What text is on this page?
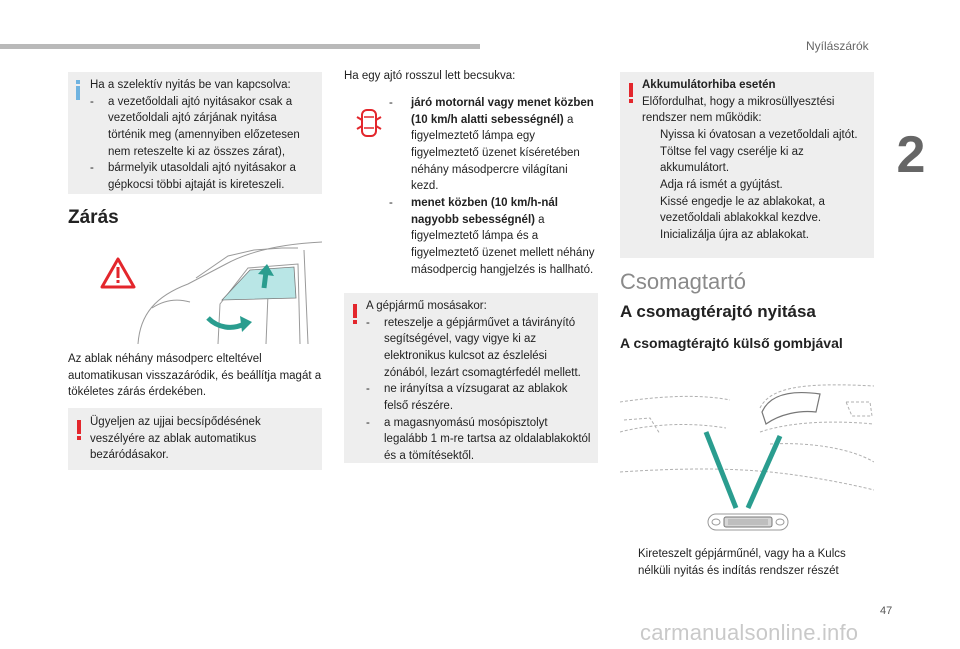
Nyílászárók
2
Ha a szelektív nyitás be van kapcsolva:
- a vezetőoldali ajtó nyitásakor csak a vezetőoldali ajtó zárjának nyitása történik meg (amennyiben előzetesen nem reteszelte ki az összes zárat),
- bármelyik utasoldali ajtó nyitásakor a gépkocsi többi ajtaját is kireteszeli.
Zárás
Az ablak néhány másodperc elteltével automatikusan visszazáródik, és beállítja magát a tökéletes zárás érdekében.
Ügyeljen az ujjai becsípődésének veszélyére az ablak automatikus bezáródásakor.
Ha egy ajtó rosszul lett becsukva:
- járó motornál vagy menet közben (10 km/h alatti sebességnél) a figyelmeztető lámpa egy figyelmeztető üzenet kíséretében néhány másodpercre világítani kezd.
- menet közben (10 km/h-nál nagyobb sebességnél) a figyelmeztető lámpa és a figyelmeztető üzenet mellett néhány másodpercig hangjelzés is hallható.
A gépjármű mosásakor:
- reteszelje a gépjárművet a távirányító segítségével, vagy vigye ki az elektronikus kulcsot az észlelési zónából, lezárt csomagtérfedél mellett.
- ne irányítsa a vízsugarat az ablakok felső részére.
- a magasnyomású mosópisztolyt legalább 1 m-re tartsa az oldalablakoktól és a tömítésektől.
Akkumulátorhiba esetén
Előfordulhat, hogy a mikrosüllyesztési rendszer nem működik:
Nyissa ki óvatosan a vezetőoldali ajtót.
Töltse fel vagy cserélje ki az akkumulátort.
Adja rá ismét a gyújtást.
Kissé engedje le az ablakokat, a vezetőoldali ablakokkal kezdve.
Inicializálja újra az ablakokat.
Csomagtartó
A csomagtérajtó nyitása
A csomagtérajtó külső gombjával
Kireteszelt gépjárműnél, vagy ha a Kulcs nélküli nyitás és indítás rendszer részét
47
carmanualsonline.info
